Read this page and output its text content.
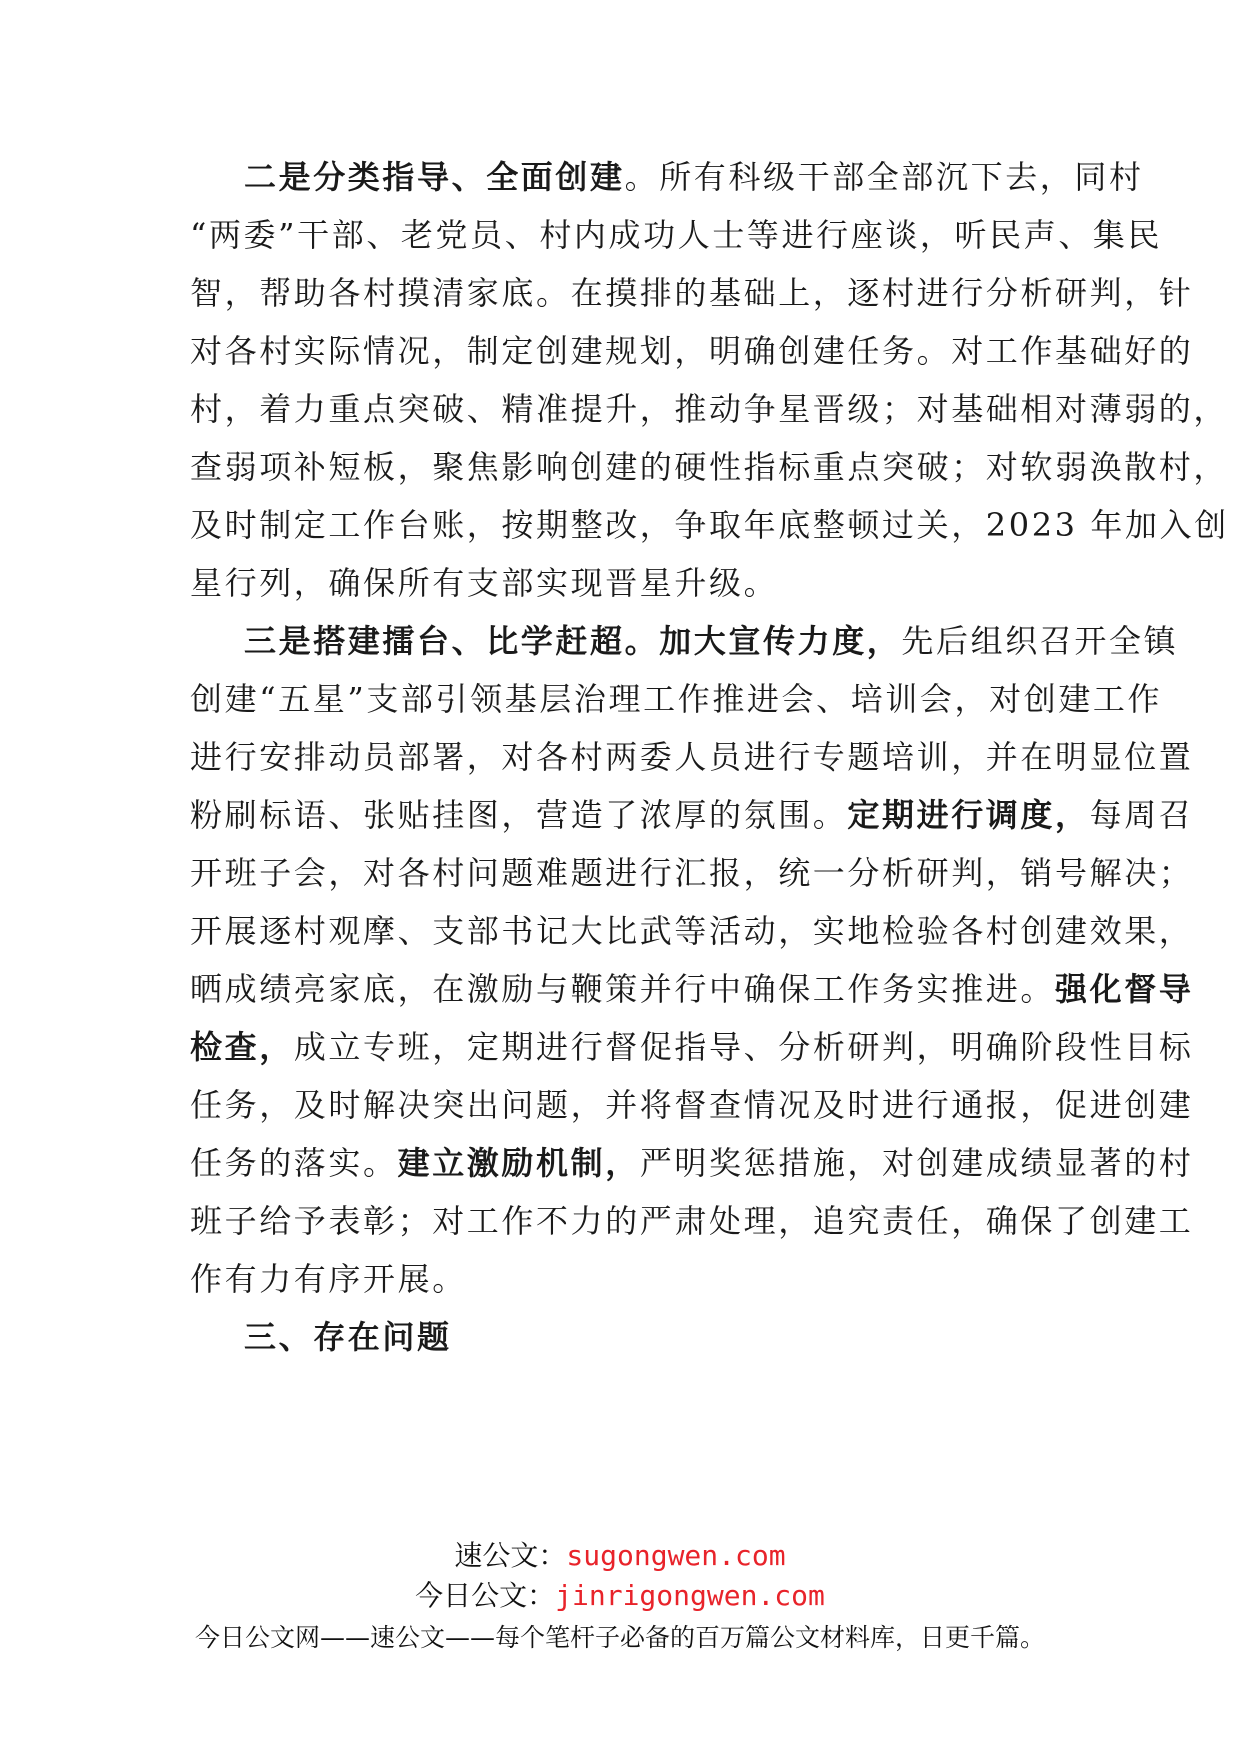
二是分类指导、全面创建。所有科级干部全部沉下去，同村
“两委”干部、老党员、村内成功人士等进行座谈，听民声、集民
智，帮助各村摸清家底。在摸排的基础上，逐村进行分析研判，针
对各村实际情况，制定创建规划，明确创建任务。对工作基础好的
村，着力重点突破、精准提升，推动争星晋级；对基础相对薄弱的，
查弱项补短板，聚焦影响创建的硬性指标重点突破；对软弱涣散村，
及时制定工作台账，按期整改，争取年底整顿过关，2023 年加入创
星行列，确保所有支部实现晋星升级。
三是搭建擂台、比学赶超。加大宣传力度，先后组织召开全镇
创建“五星”支部引领基层治理工作推进会、培训会，对创建工作
进行安排动员部署，对各村两委人员进行专题培训，并在明显位置
粉刷标语、张贴挂图，营造了浓厚的氛围。定期进行调度，每周召
开班子会，对各村问题难题进行汇报，统一分析研判，销号解决；
开展逐村观摩、支部书记大比武等活动，实地检验各村创建效果，
晒成绩亮家底，在激励与鞭策并行中确保工作务实推进。强化督导
检查，成立专班，定期进行督促指导、分析研判，明确阶段性目标
任务，及时解决突出问题，并将督查情况及时进行通报，促进创建
任务的落实。建立激励机制，严明奖惩措施，对创建成绩显著的村
班子给予表彰；对工作不力的严肃处理，追究责任，确保了创建工
作有力有序开展。
三、存在问题
速公文：sugongwen.com
今日公文：jinrigongwen.com
今日公文网——速公文——每个笔杆子必备的百万篇公文材料库，日更千篇。
